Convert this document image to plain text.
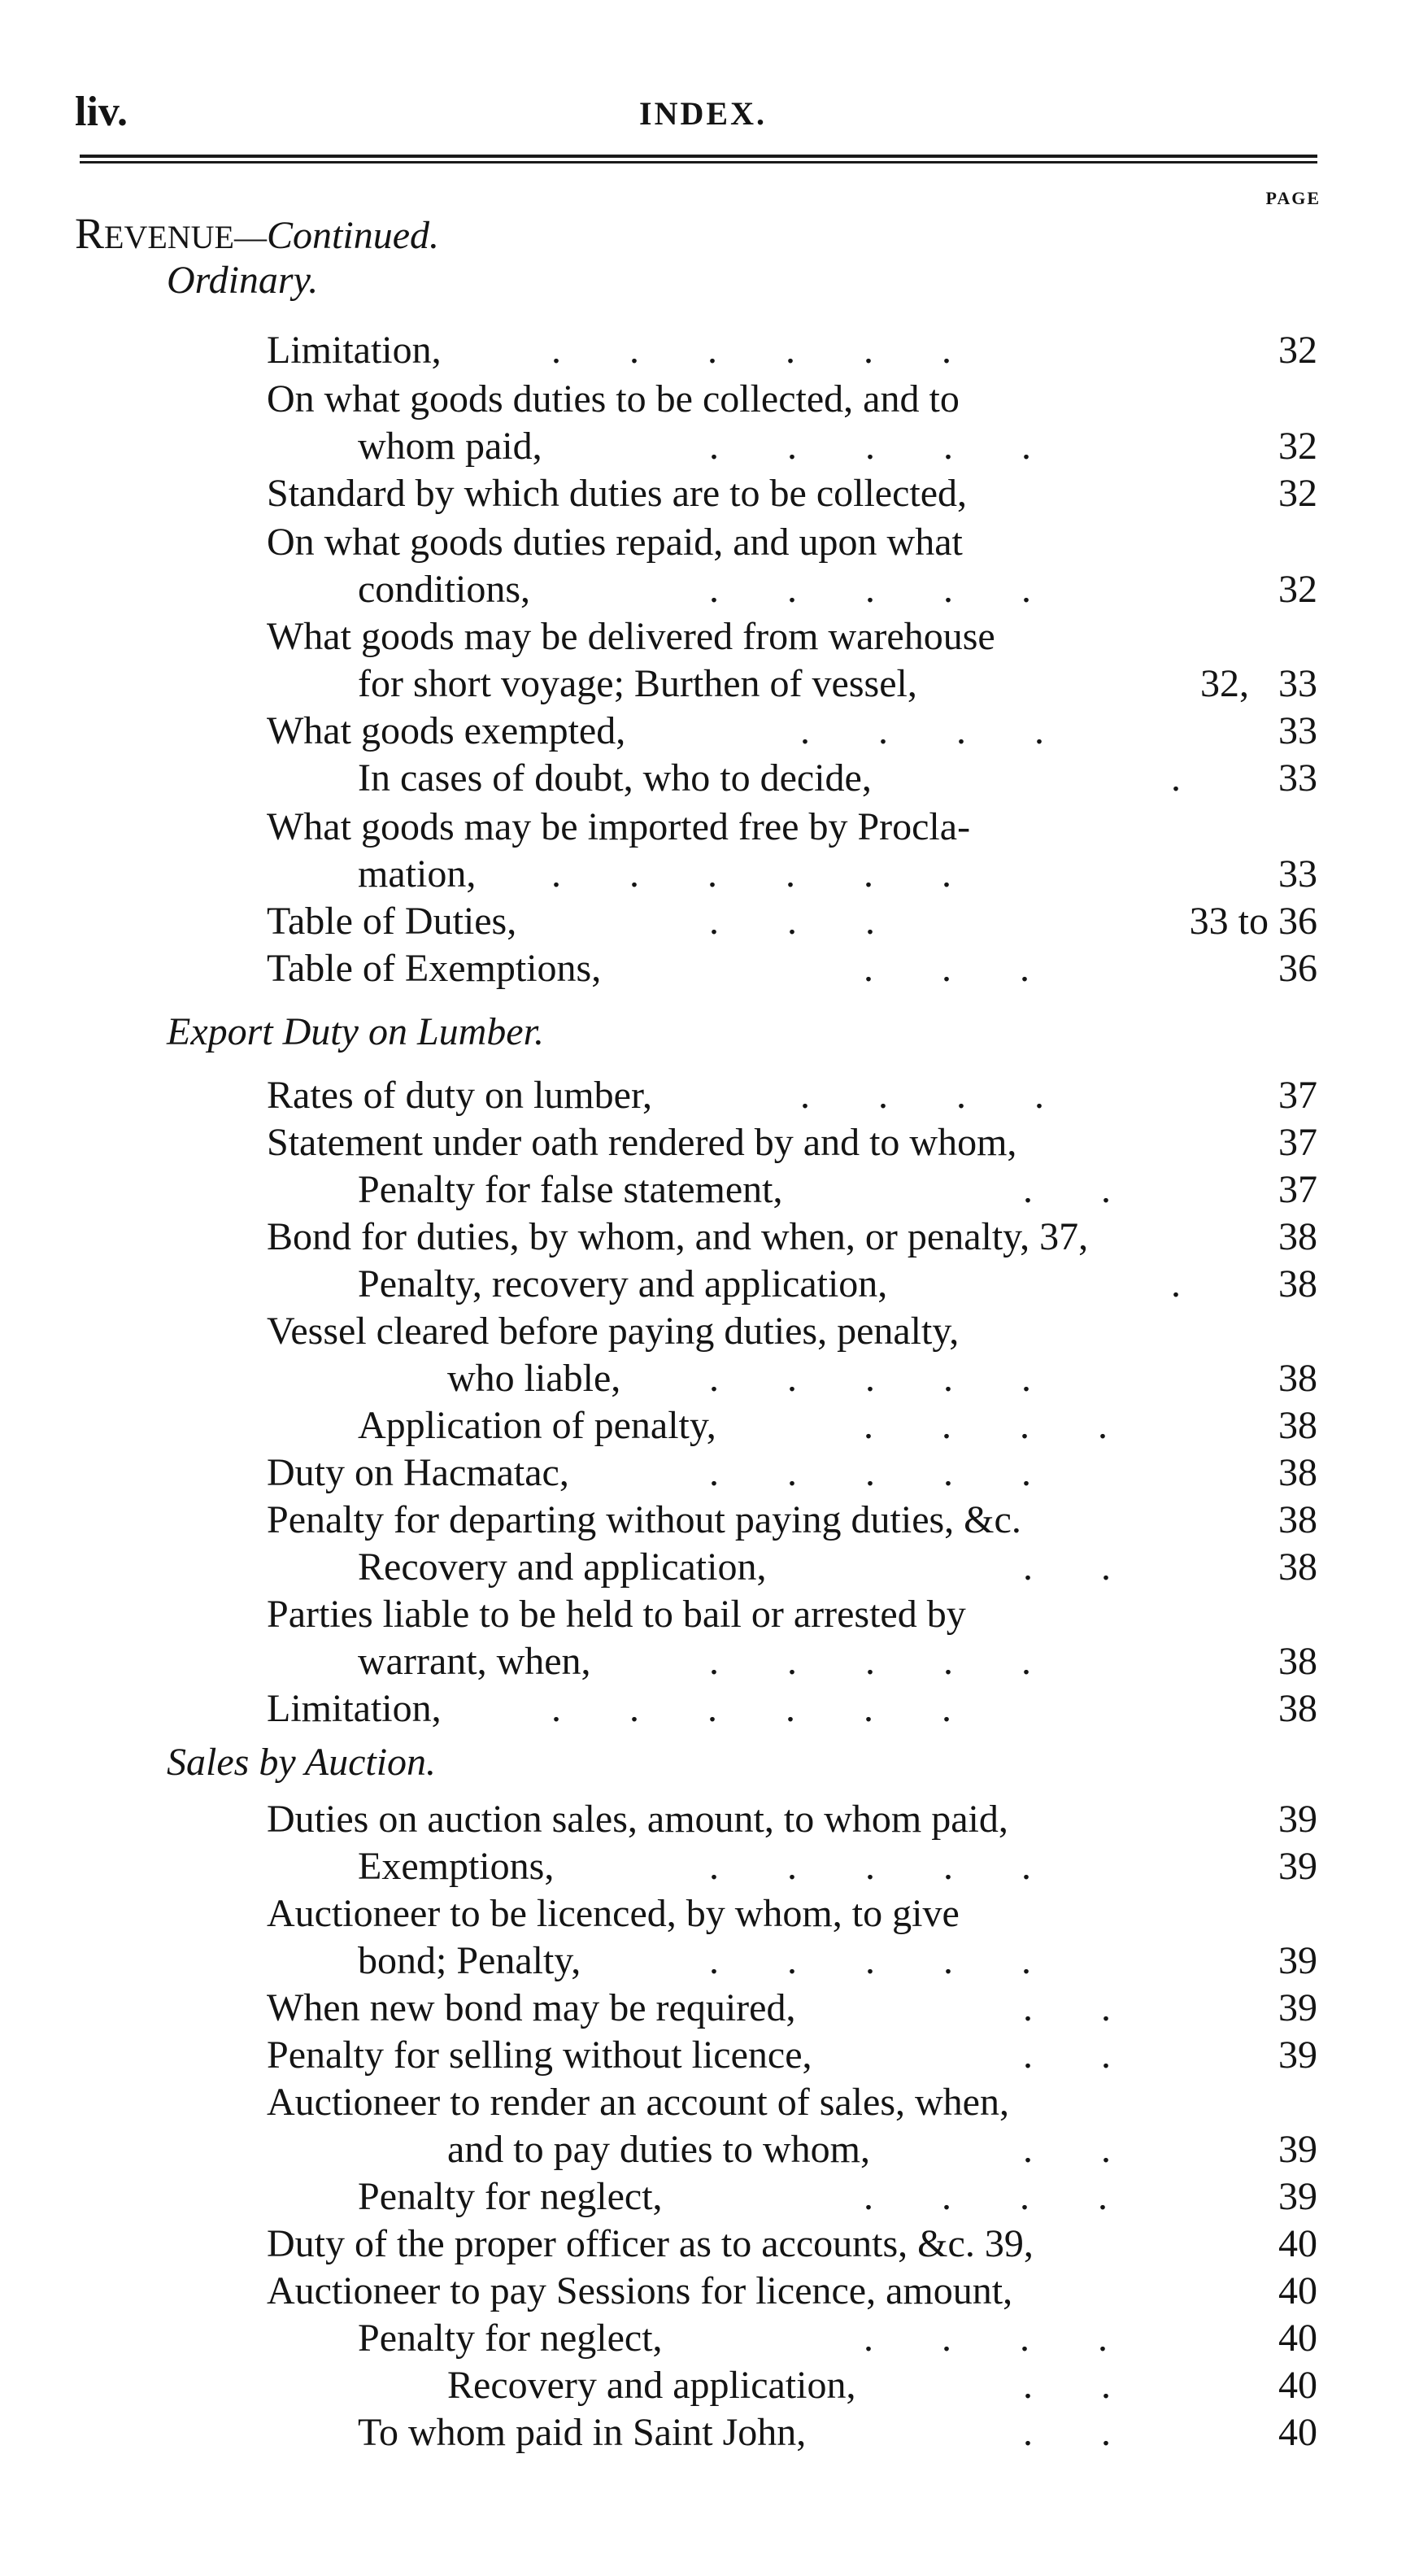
liv.	INDEX.
PAGE
REVENUE—Continued.
Ordinary.
Limitation,	.       .       .       .       .       .	32
On what goods duties to be collected, and to
whom paid,	.       .       .       .       .	32
Standard by which duties are to be collected,	32
On what goods duties repaid, and upon what
conditions,	.       .       .       .       .	32
What goods may be delivered from warehouse
for short voyage; Burthen of vessel,	32,   33
What goods exempted,	.       .       .       .	33
In cases of doubt, who to decide,	.	33
What goods may be imported free by Procla-
mation, .       .       .       .       .       .	33
Table of Duties,	.       .       .	33 to 36
Table of Exemptions,	.       .       .	36
Export Duty on Lumber.
Rates of duty on lumber,	.       .       .       .	37
Statement under oath rendered by and to whom,	37
Penalty for false statement,	.       .	37
Bond for duties, by whom, and when, or penalty, 37,	38
Penalty, recovery and application,	.	38
Vessel cleared before paying duties, penalty,
who liable, .       .       .       .       .	38
Application of penalty,	.       .       .       .	38
Duty on Hacmatac,	.       .       .       .       .	38
Penalty for departing without paying duties, &c.	38
Recovery and application,	.       .	38
Parties liable to be held to bail or arrested by
warrant, when,	.       .       .       .       .	38
Limitation,	.       .       .       .       .       .	38
Sales by Auction.
Duties on auction sales, amount, to whom paid,	39
Exemptions,	.       .       .       .       .	39
Auctioneer to be licenced, by whom, to give
bond; Penalty,	.       .       .       .       .	39
When new bond may be required,	.       .	39
Penalty for selling without licence,	.       .	39
Auctioneer to render an account of sales, when,
and to pay duties to whom,	.       .	39
Penalty for neglect,	.       .       .       .	39
Duty of the proper officer as to accounts, &c. 39,	40
Auctioneer to pay Sessions for licence, amount,	40
Penalty for neglect,	.       .       .       .	40
Recovery and application,	.       .	40
To whom paid in Saint John,	.       .	40
